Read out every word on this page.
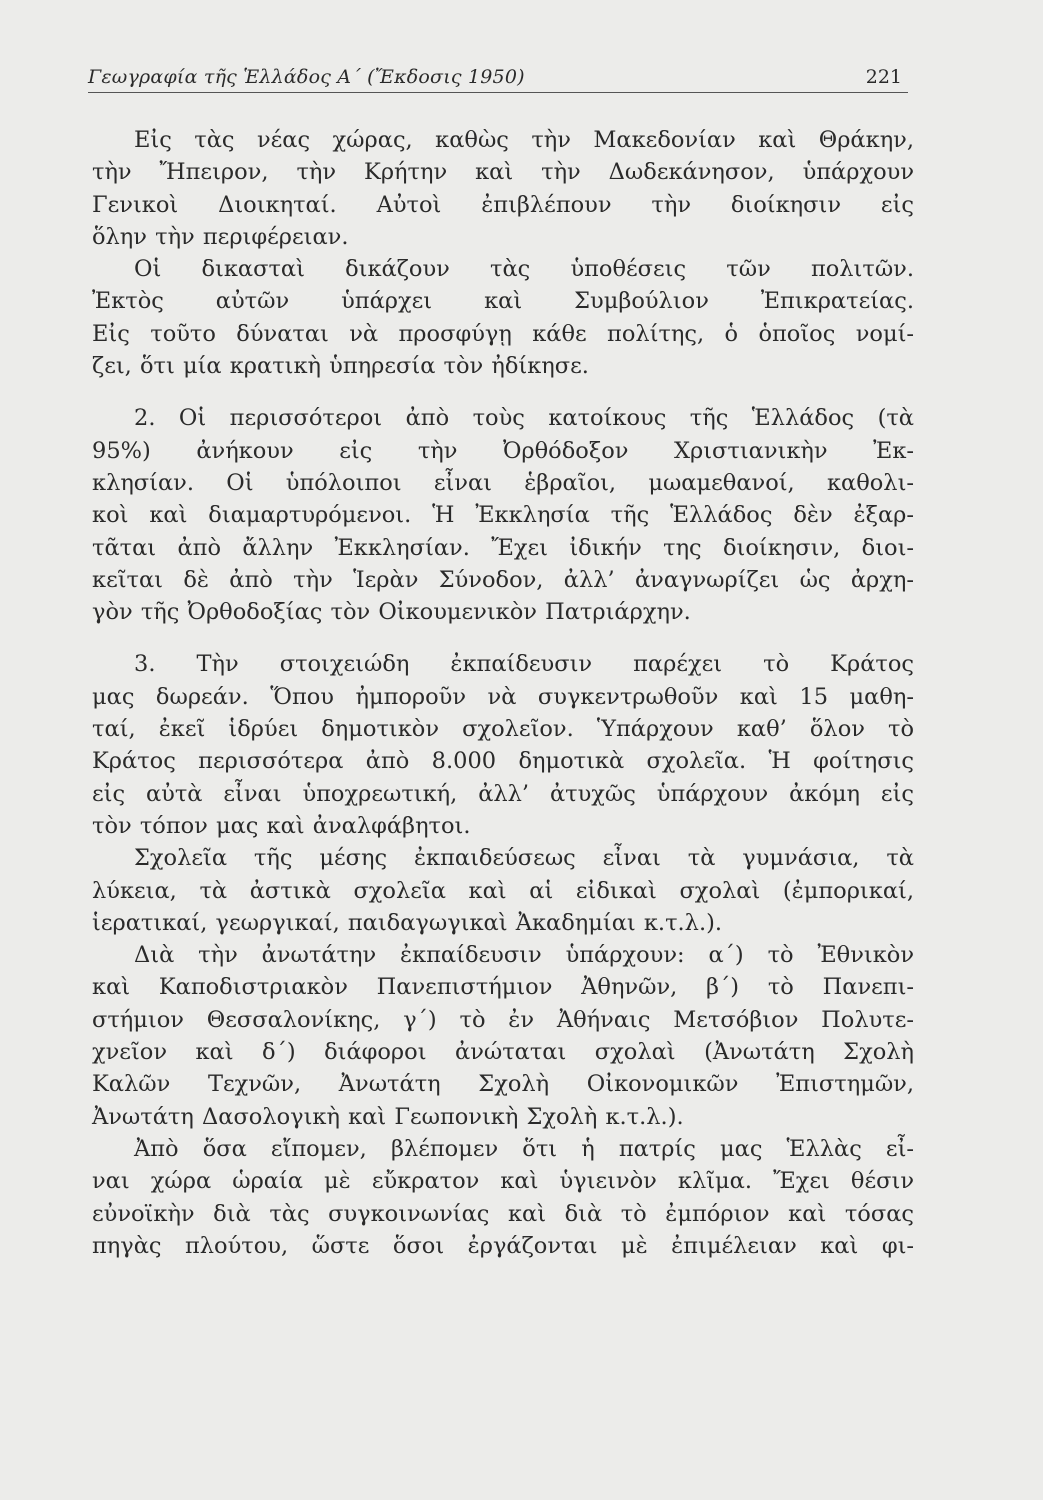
Γεωγραφία τῆς Ἑλλάδος Α΄ (Ἔκδοσις 1950)	221
Εἰς τὰς νέας χώρας, καθὼς τὴν Μακεδονίαν καὶ Θράκην,
τὴν Ἤπειρον, τὴν Κρήτην καὶ τὴν Δωδεκάνησον, ὑπάρχουν
Γενικοὶ Διοικηταί. Αὐτοὶ ἐπιβλέπουν τὴν διοίκησιν εἰς
ὅλην τὴν περιφέρειαν.
Οἱ δικασταὶ δικάζουν τὰς ὑποθέσεις τῶν πολιτῶν.
Ἐκτὸς αὐτῶν ὑπάρχει καὶ Συμβούλιον Ἐπικρατείας.
Εἰς τοῦτο δύναται νὰ προσφύγῃ κάθε πολίτης, ὁ ὁποῖος νομί-
ζει, ὅτι μία κρατικὴ ὑπηρεσία τὸν ἠδίκησε.
2. Οἱ περισσότεροι ἀπὸ τοὺς κατοίκους τῆς Ἑλλάδος (τὰ
95%) ἀνήκουν εἰς τὴν Ὀρθόδοξον Χριστιανικὴν Ἐκ-
κλησίαν. Οἱ ὑπόλοιποι εἶναι ἑβραῖοι, μωαμεθανοί, καθολι-
κοὶ καὶ διαμαρτυρόμενοι. Ἡ Ἐκκλησία τῆς Ἑλλάδος δὲν ἐξαρ-
τᾶται ἀπὸ ἄλλην Ἐκκλησίαν. Ἔχει ἰδικήν της διοίκησιν, διοι-
κεῖται δὲ ἀπὸ τὴν Ἱερὰν Σύνοδον, ἀλλ’ ἀναγνωρίζει ὡς ἀρχη-
γὸν τῆς Ὀρθοδοξίας τὸν Οἰκουμενικὸν Πατριάρχην.
3. Τὴν στοιχειώδη ἐκπαίδευσιν παρέχει τὸ Κράτος
μας δωρεάν. Ὅπου ἠμποροῦν νὰ συγκεντρωθοῦν καὶ 15 μαθη-
ταί, ἐκεῖ ἱδρύει δημοτικὸν σχολεῖον. Ὑπάρχουν καθ’ ὅλον τὸ
Κράτος περισσότερα ἀπὸ 8.000 δημοτικὰ σχολεῖα. Ἡ φοίτησις
εἰς αὐτὰ εἶναι ὑποχρεωτική, ἀλλ’ ἀτυχῶς ὑπάρχουν ἀκόμη εἰς
τὸν τόπον μας καὶ ἀναλφάβητοι.
Σχολεῖα τῆς μέσης ἐκπαιδεύσεως εἶναι τὰ γυμνάσια, τὰ
λύκεια, τὰ ἀστικὰ σχολεῖα καὶ αἱ εἰδικαὶ σχολαὶ (ἐμπορικαί,
ἱερατικαί, γεωργικαί, παιδαγωγικαὶ Ἀκαδημίαι κ.τ.λ.).
Διὰ τὴν ἀνωτάτην ἐκπαίδευσιν ὑπάρχουν: α΄) τὸ Ἐθνικὸν
καὶ Καποδιστριακὸν Πανεπιστήμιον Ἀθηνῶν, β΄) τὸ Πανεπι-
στήμιον Θεσσαλονίκης, γ΄) τὸ ἐν Ἀθήναις Μετσόβιον Πολυτε-
χνεῖον καὶ δ΄) διάφοροι ἀνώταται σχολαὶ (Ἀνωτάτη Σχολὴ
Καλῶν Τεχνῶν, Ἀνωτάτη Σχολὴ Οἰκονομικῶν Ἐπιστημῶν,
Ἀνωτάτη Δασολογικὴ καὶ Γεωπονικὴ Σχολὴ κ.τ.λ.).
Ἀπὸ ὅσα εἴπομεν, βλέπομεν ὅτι ἡ πατρίς μας Ἑλλὰς εἶ-
ναι χώρα ὡραία μὲ εὔκρατον καὶ ὑγιεινὸν κλῖμα. Ἔχει θέσιν
εὐνοϊκὴν διὰ τὰς συγκοινωνίας καὶ διὰ τὸ ἐμπόριον καὶ τόσας
πηγὰς πλούτου, ὥστε ὅσοι ἐργάζονται μὲ ἐπιμέλειαν καὶ φι-
